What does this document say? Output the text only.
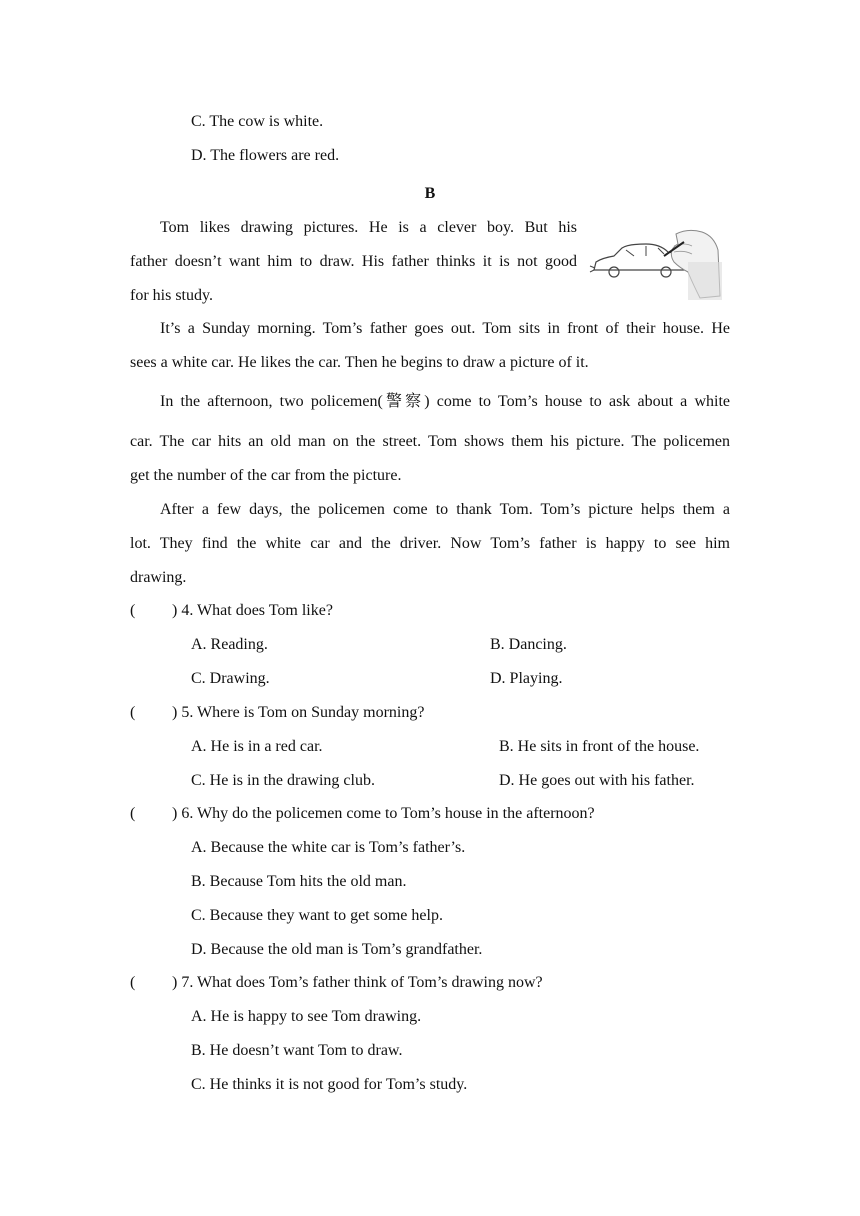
C. The cow is white.
D. The flowers are red.
B
Tom likes drawing pictures. He is a clever boy. But his
father doesn’t want him to draw. His father thinks it is not good
for his study.
It’s a Sunday morning. Tom’s father goes out. Tom sits in front of their house. He
sees a white car. He likes the car. Then he begins to draw a picture of it.
In the afternoon, two policemen(警察) come to Tom’s house to ask about a white
car. The car hits an old man on the street. Tom shows them his picture. The policemen
get the number of the car from the picture.
After a few days, the policemen come to thank Tom. Tom’s picture helps them a
lot. They find the white car and the driver. Now Tom’s father is happy to see him
drawing.
( ) 4. What does Tom like?
A. Reading.	B. Dancing.
C. Drawing.	D. Playing.
( ) 5. Where is Tom on Sunday morning?
A. He is in a red car.	B. He sits in front of the house.
C. He is in the drawing club.	D. He goes out with his father.
( ) 6. Why do the policemen come to Tom’s house in the afternoon?
A. Because the white car is Tom’s father’s.
B. Because Tom hits the old man.
C. Because they want to get some help.
D. Because the old man is Tom’s grandfather.
( ) 7. What does Tom’s father think of Tom’s drawing now?
A. He is happy to see Tom drawing.
B. He doesn’t want Tom to draw.
C. He thinks it is not good for Tom’s study.
